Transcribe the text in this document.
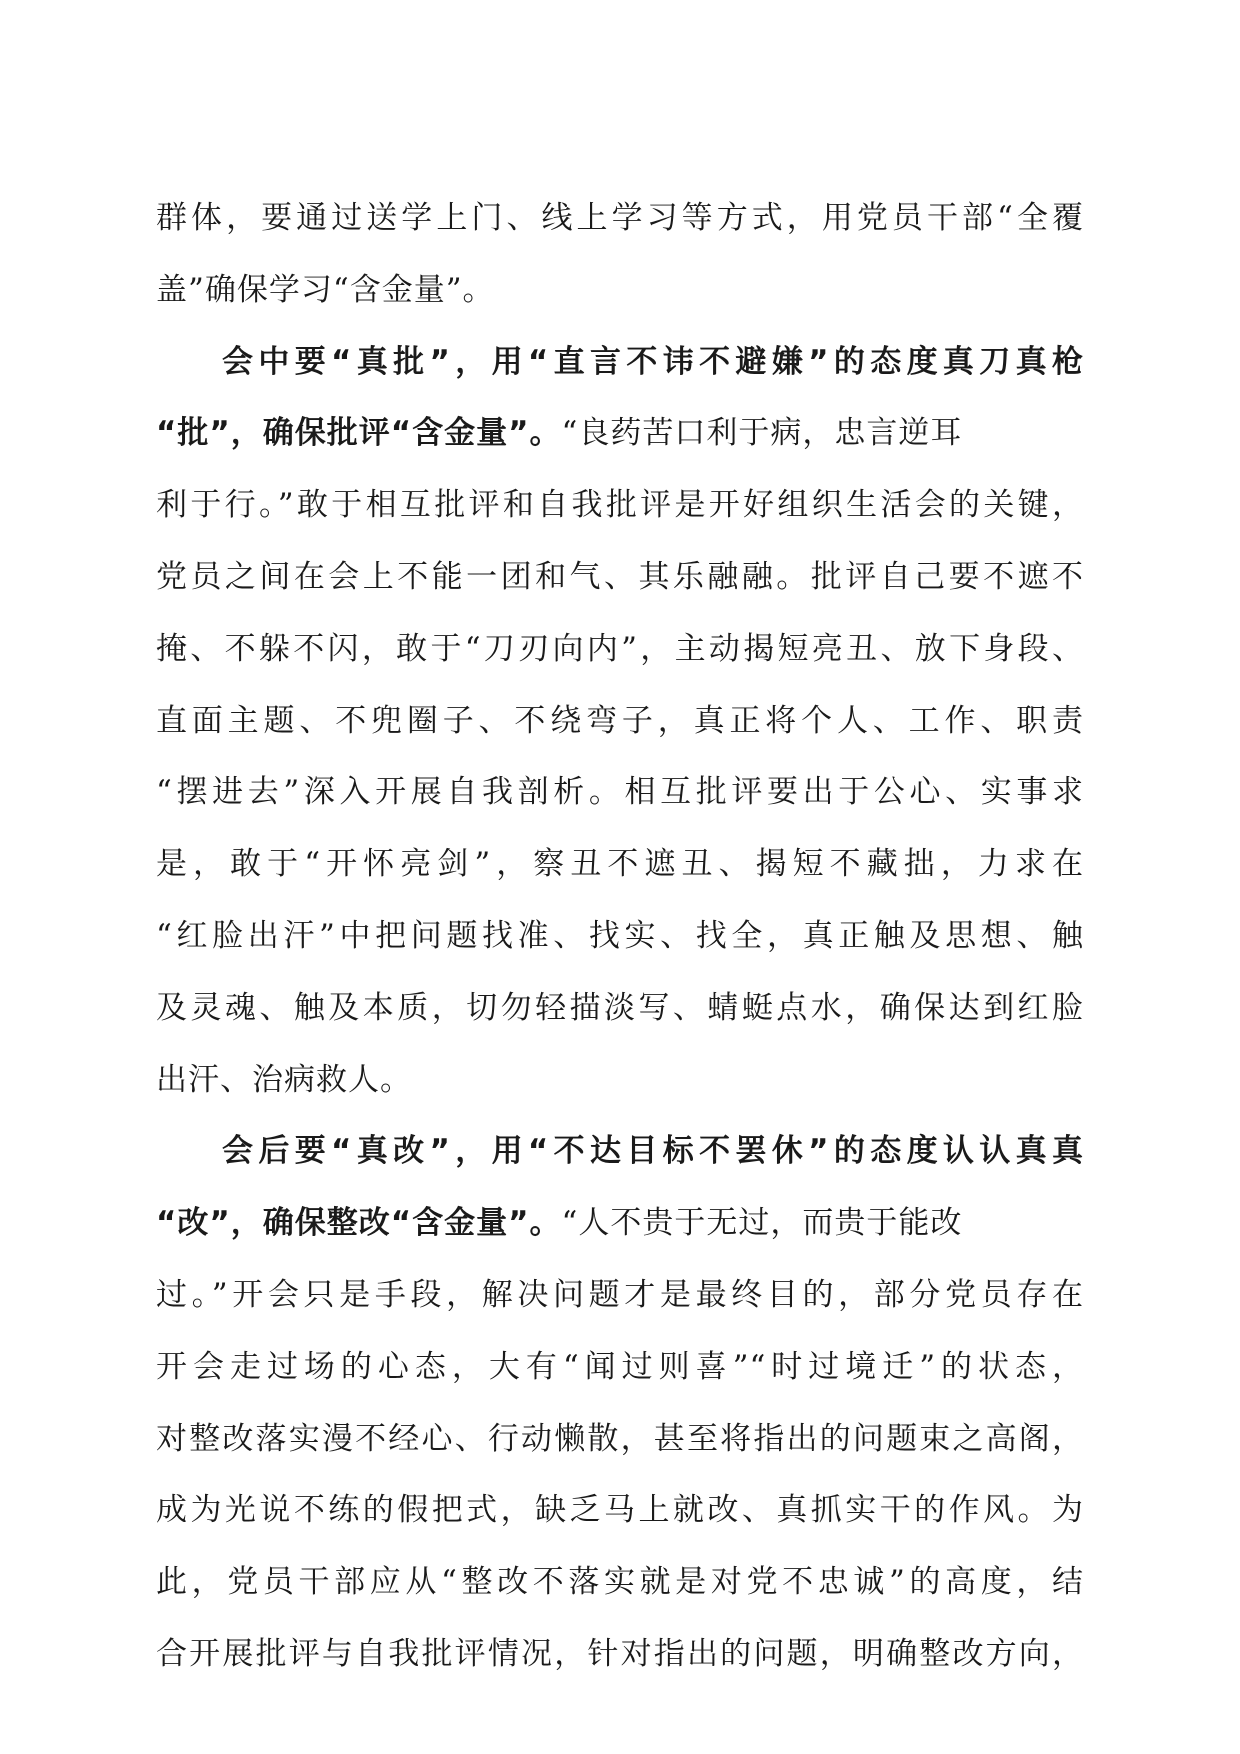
群体，要通过送学上门、线上学习等方式，用党员干部“全覆
盖”确保学习“含金量”。
会中要“真批”，用“直言不讳不避嫌”的态度真刀真枪
“批”，确保批评“含金量”。“良药苦口利于病，忠言逆耳
利于行。”敢于相互批评和自我批评是开好组织生活会的关键，
党员之间在会上不能一团和气、其乐融融。批评自己要不遮不
掩、不躲不闪，敢于“刀刃向内”，主动揭短亮丑、放下身段、
直面主题、不兜圈子、不绕弯子，真正将个人、工作、职责
“摆进去”深入开展自我剖析。相互批评要出于公心、实事求
是，敢于“开怀亮剑”，察丑不遮丑、揭短不藏拙，力求在
“红脸出汗”中把问题找准、找实、找全，真正触及思想、触
及灵魂、触及本质，切勿轻描淡写、蜻蜓点水，确保达到红脸
出汗、治病救人。
会后要“真改”，用“不达目标不罢休”的态度认认真真
“改”，确保整改“含金量”。“人不贵于无过，而贵于能改
过。”开会只是手段，解决问题才是最终目的，部分党员存在
开会走过场的心态，大有“闻过则喜”“时过境迁”的状态，
对整改落实漫不经心、行动懒散，甚至将指出的问题束之高阁，
成为光说不练的假把式，缺乏马上就改、真抓实干的作风。为
此，党员干部应从“整改不落实就是对党不忠诚”的高度，结
合开展批评与自我批评情况，针对指出的问题，明确整改方向，
